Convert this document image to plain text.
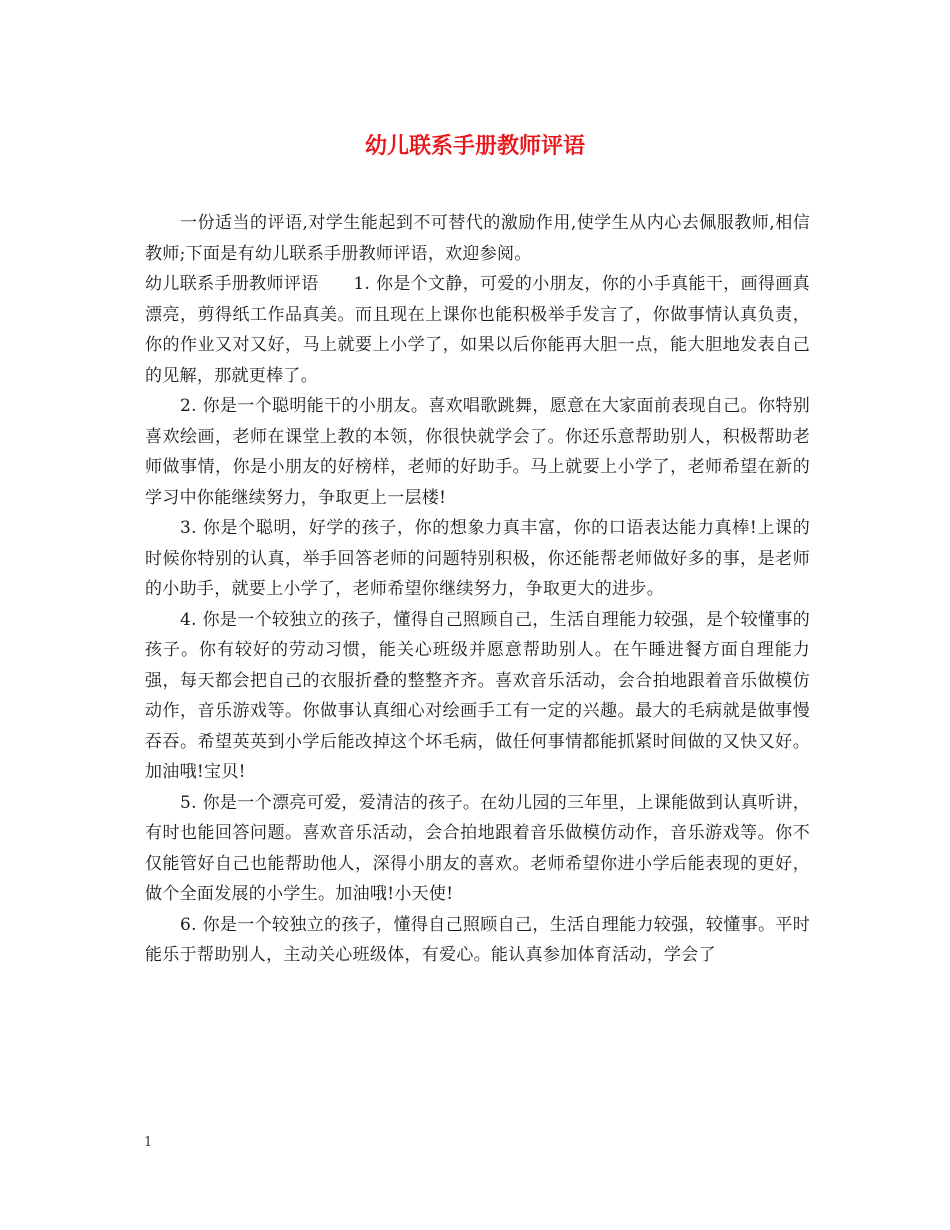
幼儿联系手册教师评语

一份适当的评语,对学生能起到不可替代的激励作用,使学生从内心去佩服教师,相信教师;下面是有幼儿联系手册教师评语，欢迎参阅。

幼儿联系手册教师评语　　1. 你是个文静，可爱的小朋友，你的小手真能干，画得画真漂亮，剪得纸工作品真美。而且现在上课你也能积极举手发言了，你做事情认真负责，你的作业又对又好，马上就要上小学了，如果以后你能再大胆一点，能大胆地发表自己的见解，那就更棒了。

2. 你是一个聪明能干的小朋友。喜欢唱歌跳舞，愿意在大家面前表现自己。你特别喜欢绘画，老师在课堂上教的本领，你很快就学会了。你还乐意帮助别人，积极帮助老师做事情，你是小朋友的好榜样，老师的好助手。马上就要上小学了，老师希望在新的学习中你能继续努力，争取更上一层楼!

3. 你是个聪明，好学的孩子，你的想象力真丰富，你的口语表达能力真棒!上课的时候你特别的认真，举手回答老师的问题特别积极，你还能帮老师做好多的事，是老师的小助手，就要上小学了，老师希望你继续努力，争取更大的进步。

4. 你是一个较独立的孩子，懂得自己照顾自己，生活自理能力较强，是个较懂事的孩子。你有较好的劳动习惯，能关心班级并愿意帮助别人。在午睡进餐方面自理能力强，每天都会把自己的衣服折叠的整整齐齐。喜欢音乐活动，会合拍地跟着音乐做模仿动作，音乐游戏等。你做事认真细心对绘画手工有一定的兴趣。最大的毛病就是做事慢吞吞。希望英英到小学后能改掉这个坏毛病，做任何事情都能抓紧时间做的又快又好。加油哦!宝贝!

5. 你是一个漂亮可爱，爱清洁的孩子。在幼儿园的三年里，上课能做到认真听讲，有时也能回答问题。喜欢音乐活动，会合拍地跟着音乐做模仿动作，音乐游戏等。你不仅能管好自己也能帮助他人，深得小朋友的喜欢。老师希望你进小学后能表现的更好，做个全面发展的小学生。加油哦!小天使!

6. 你是一个较独立的孩子，懂得自己照顾自己，生活自理能力较强，较懂事。平时能乐于帮助别人，主动关心班级体，有爱心。能认真参加体育活动，学会了

1
